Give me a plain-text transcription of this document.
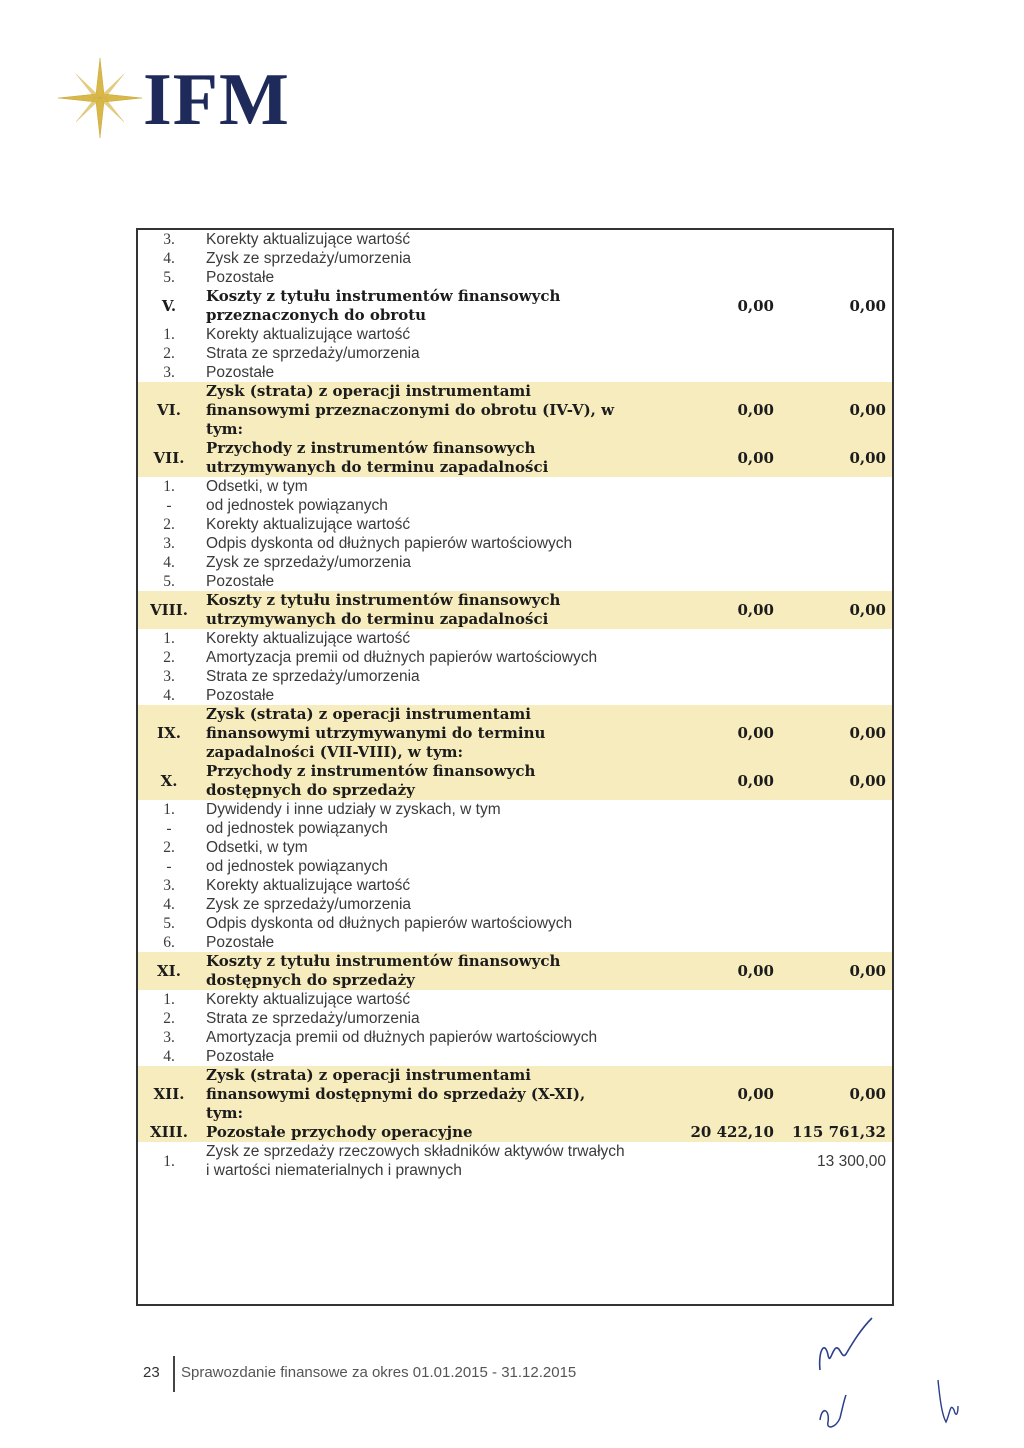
IFM
3.	Korekty aktualizujące wartość		
4.	Zysk ze sprzedaży/umorzenia		
5.	Pozostałe		
V.	Koszty z tytułu instrumentów finansowych przeznaczonych do obrotu	0,00	0,00
1.	Korekty aktualizujące wartość		
2.	Strata ze sprzedaży/umorzenia		
3.	Pozostałe		
VI.	Zysk (strata) z operacji instrumentami finansowymi przeznaczonymi do obrotu (IV-V), w tym:	0,00	0,00
VII.	Przychody z instrumentów finansowych utrzymywanych do terminu zapadalności	0,00	0,00
1.	Odsetki, w tym		
-	od jednostek powiązanych		
2.	Korekty aktualizujące wartość		
3.	Odpis dyskonta od dłużnych papierów wartościowych		
4.	Zysk ze sprzedaży/umorzenia		
5.	Pozostałe		
VIII.	Koszty z tytułu instrumentów finansowych utrzymywanych do terminu zapadalności	0,00	0,00
1.	Korekty aktualizujące wartość		
2.	Amortyzacja premii od dłużnych papierów wartościowych		
3.	Strata ze sprzedaży/umorzenia		
4.	Pozostałe		
IX.	Zysk (strata) z operacji instrumentami finansowymi utrzymywanymi do terminu zapadalności (VII-VIII), w tym:	0,00	0,00
X.	Przychody z instrumentów finansowych dostępnych do sprzedaży	0,00	0,00
1.	Dywidendy i inne udziały w zyskach, w tym		
-	od jednostek powiązanych		
2.	Odsetki, w tym		
-	od jednostek powiązanych		
3.	Korekty aktualizujące wartość		
4.	Zysk ze sprzedaży/umorzenia		
5.	Odpis dyskonta od dłużnych papierów wartościowych		
6.	Pozostałe		
XI.	Koszty z tytułu instrumentów finansowych dostępnych do sprzedaży	0,00	0,00
1.	Korekty aktualizujące wartość		
2.	Strata ze sprzedaży/umorzenia		
3.	Amortyzacja premii od dłużnych papierów wartościowych		
4.	Pozostałe		
XII.	Zysk (strata) z operacji instrumentami finansowymi dostępnymi do sprzedaży (X-XI), tym:	0,00	0,00
XIII.	Pozostałe przychody operacyjne	20 422,10	115 761,32
1.	Zysk ze sprzedaży rzeczowych składników aktywów trwałych i wartości niematerialnych i prawnych		13 300,00
23 Sprawozdanie finansowe za okres 01.01.2015 - 31.12.2015
